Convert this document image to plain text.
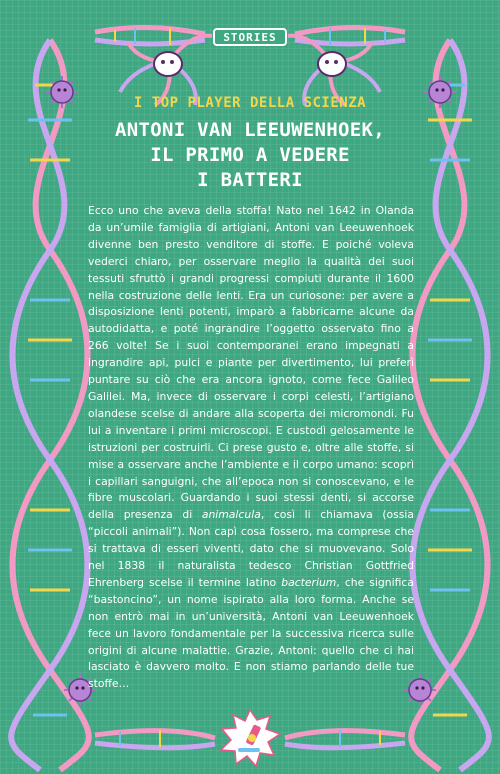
STORIES
I TOP PLAYER DELLA SCIENZA
ANTONI VAN LEEUWENHOEK,
IL PRIMO A VEDERE
I BATTERI

Ecco uno che aveva della stoffa! Nato nel 1642 in Olanda da un’umile famiglia di artigiani, Antoni van Leeuwenhoek divenne ben presto venditore di stoffe. E poiché voleva vederci chiaro, per osservare meglio la qualità dei suoi tessuti sfruttò i grandi progressi compiuti durante il 1600 nella costruzione delle lenti. Era un curiosone: per avere a disposizione lenti potenti, imparò a fabbricarne alcune da autodidatta, e poté ingrandire l’oggetto osservato fino a 266 volte! Se i suoi contemporanei erano impegnati a ingrandire api, pulci e piante per divertimento, lui preferì puntare su ciò che era ancora ignoto, come fece Galileo Galilei. Ma, invece di osservare i corpi celesti, l’artigiano olandese scelse di andare alla scoperta dei micromondi. Fu lui a inventare i primi microscopi. E custodì gelosamente le istruzioni per costruirli. Ci prese gusto e, oltre alle stoffe, si mise a osservare anche l’ambiente e il corpo umano: scoprì i capillari sanguigni, che all’epoca non si conoscevano, e le fibre muscolari. Guardando i suoi stessi denti, si accorse della presenza di animalcula, così li chiamava (ossia “piccoli animali”). Non capì cosa fossero, ma comprese che si trattava di esseri viventi, dato che si muovevano. Solo nel 1838 il naturalista tedesco Christian Gottfried Ehrenberg scelse il termine latino bacterium, che significa “bastoncino”, un nome ispirato alla loro forma. Anche se non entrò mai in un’università, Antoni van Leeuwenhoek fece un lavoro fondamentale per la successiva ricerca sulle origini di alcune malattie. Grazie, Antoni: quello che ci hai lasciato è davvero molto. E non stiamo parlando delle tue stoffe…
